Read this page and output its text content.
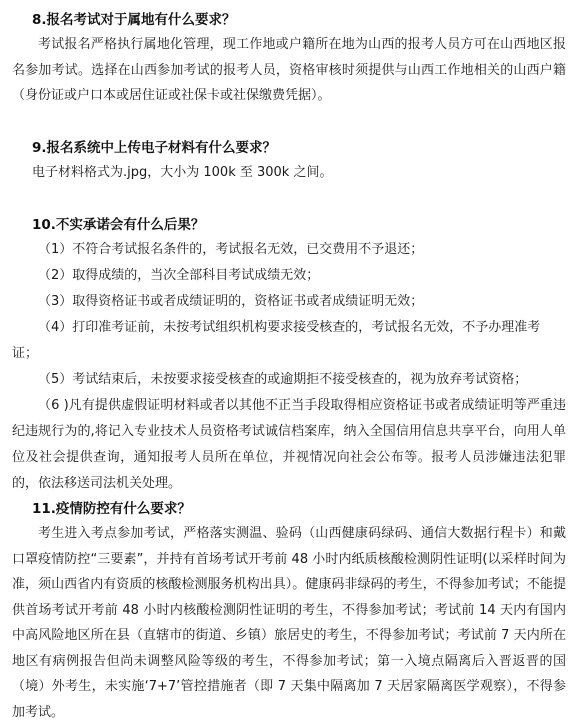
8.报名考试对于属地有什么要求？

考试报名严格执行属地化管理，现工作地或户籍所在地为山西的报考人员方可在山西地区报名参加考试。选择在山西参加考试的报考人员，资格审核时须提供与山西工作地相关的山西户籍（身份证或户口本或居住证或社保卡或社保缴费凭据）。

9.报名系统中上传电子材料有什么要求？

电子材料格式为.jpg，大小为 100k 至 300k 之间。

10.不实承诺会有什么后果？

（1）不符合考试报名条件的，考试报名无效，已交费用不予退还；

（2）取得成绩的，当次全部科目考试成绩无效；

（3）取得资格证书或者成绩证明的，资格证书或者成绩证明无效；

（4）打印准考证前，未按考试组织机构要求接受核查的，考试报名无效，不予办理准考证；

（5）考试结束后，未按要求接受核查的或逾期拒不接受核查的，视为放弃考试资格；

（6 )凡有提供虚假证明材料或者以其他不正当手段取得相应资格证书或者成绩证明等严重违纪违规行为的,将记入专业技术人员资格考试诚信档案库，纳入全国信用信息共享平台，向用人单位及社会提供查询，通知报考人员所在单位，并视情况向社会公布等。报考人员涉嫌违法犯罪的，依法移送司法机关处理。

11.疫情防控有什么要求？

考生进入考点参加考试，严格落实测温、验码（山西健康码绿码、通信大数据行程卡）和戴口罩疫情防控“三要素”，并持有首场考试开考前 48 小时内纸质核酸检测阴性证明(以采样时间为准，须山西省内有资质的核酸检测服务机构出具）。健康码非绿码的考生，不得参加考试；不能提供首场考试开考前 48 小时内核酸检测阴性证明的考生，不得参加考试；考试前 14 天内有国内中高风险地区所在县（直辖市的街道、乡镇）旅居史的考生，不得参加考试；考试前 7 天内所在地区有病例报告但尚未调整风险等级的考生，不得参加考试；第一入境点隔离后入晋返晋的国（境）外考生，未实施‘7+7’管控措施者（即 7 天集中隔离加 7 天居家隔离医学观察），不得参加考试。
